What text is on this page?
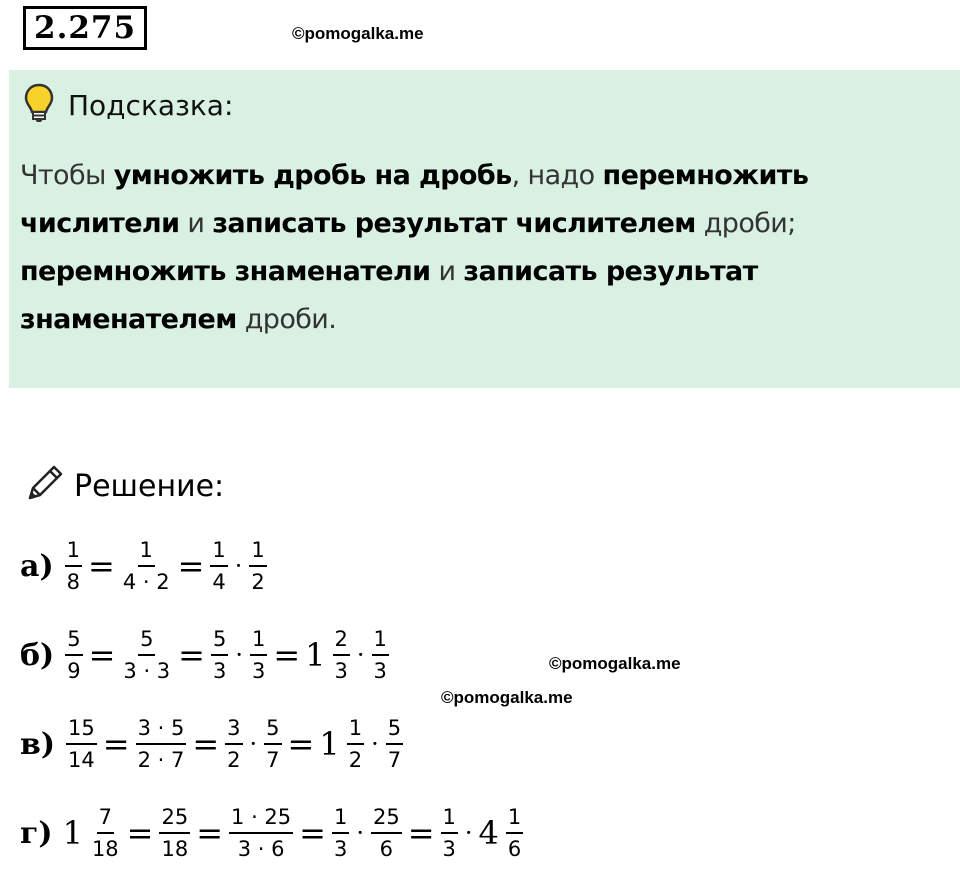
2.275	©pomogalka.me
Подсказка:
Чтобы умножить дробь на дробь, надо перемножить числители и записать результат числителем дроби; перемножить знаменатели и записать результат знаменателем дроби.
Решение:
$а) \frac{1}{8} = \frac{1}{4 \cdot 2} = \frac{1}{4} \cdot \frac{1}{2}$
$б) \frac{5}{9} = \frac{5}{3 \cdot 3} = \frac{5}{3} \cdot \frac{1}{3} = 1 \frac{2}{3} \cdot \frac{1}{3}$
$в) \frac{15}{14} = \frac{3 \cdot 5}{2 \cdot 7} = \frac{3}{2} \cdot \frac{5}{7} = 1 \frac{1}{2} \cdot \frac{5}{7}$
г) $1 \frac{7}{18} = \frac{25}{18} = \frac{1 \cdot 25}{3 \cdot 6} = \frac{1}{3} \cdot \frac{25}{6} = \frac{1}{3} \cdot 4 \frac{1}{6}$
©pomogalka.me
©pomogalka.me
